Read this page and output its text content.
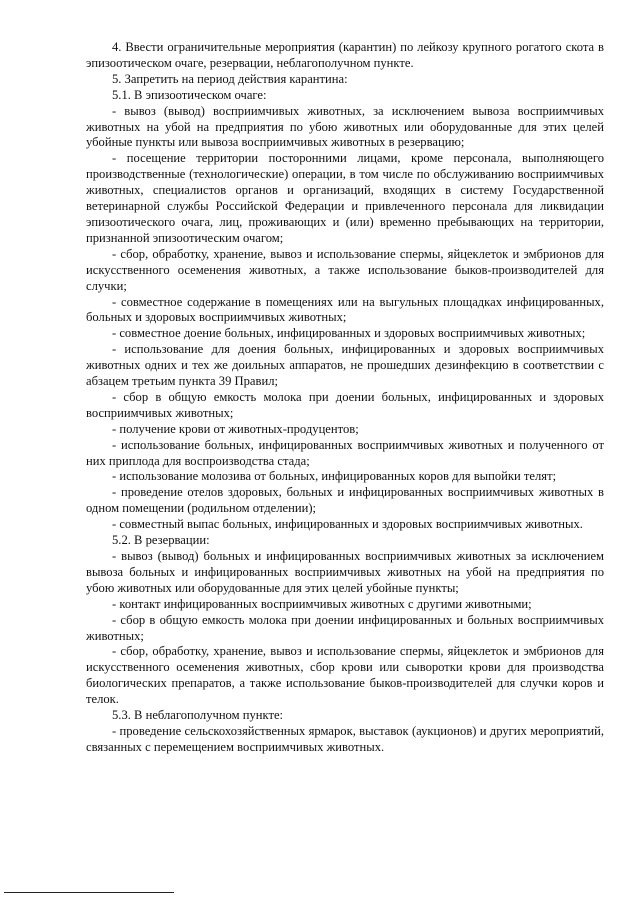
4. Ввести ограничительные мероприятия (карантин) по лейкозу крупного рогатого скота в эпизоотическом очаге, резервации, неблагополучном пункте.

5. Запретить на период действия карантина:

5.1. В эпизоотическом очаге:

- вывоз (вывод) восприимчивых животных, за исключением вывоза восприимчивых животных на убой на предприятия по убою животных или оборудованные для этих целей убойные пункты или вывоза восприимчивых животных в резервацию;

- посещение территории посторонними лицами, кроме персонала, выполняющего производственные (технологические) операции, в том числе по обслуживанию восприимчивых животных, специалистов органов и организаций, входящих в систему Государственной ветеринарной службы Российской Федерации и привлеченного персонала для ликвидации эпизоотического очага, лиц, проживающих и (или) временно пребывающих на территории, признанной эпизоотическим очагом;

- сбор, обработку, хранение, вывоз и использование спермы, яйцеклеток и эмбрионов для искусственного осеменения животных, а также использование быков-производителей для случки;

- совместное содержание в помещениях или на выгульных площадках инфицированных, больных и здоровых восприимчивых животных;

- совместное доение больных, инфицированных и здоровых восприимчивых животных;

- использование для доения больных, инфицированных и здоровых восприимчивых животных одних и тех же доильных аппаратов, не прошедших дезинфекцию в соответствии с абзацем третьим пункта 39 Правил;

- сбор в общую емкость молока при доении больных, инфицированных и здоровых восприимчивых животных;

- получение крови от животных-продуцентов;

- использование больных, инфицированных восприимчивых животных и полученного от них приплода для воспроизводства стада;

- использование молозива от больных, инфицированных коров для выпойки телят;

- проведение отелов здоровых, больных и инфицированных восприимчивых животных в одном помещении (родильном отделении);

- совместный выпас больных, инфицированных и здоровых восприимчивых животных.

5.2. В резервации:

- вывоз (вывод) больных и инфицированных восприимчивых животных за исключением вывоза больных и инфицированных восприимчивых животных на убой на предприятия по убою животных или оборудованные для этих целей убойные пункты;

- контакт инфицированных восприимчивых животных с другими животными;

- сбор в общую емкость молока при доении инфицированных и больных восприимчивых животных;

- сбор, обработку, хранение, вывоз и использование спермы, яйцеклеток и эмбрионов для искусственного осеменения животных, сбор крови или сыворотки крови для производства биологических препаратов, а также использование быков-производителей для случки коров и телок.

5.3. В неблагополучном пункте:

- проведение сельскохозяйственных ярмарок, выставок (аукционов) и других мероприятий, связанных с перемещением восприимчивых животных.
